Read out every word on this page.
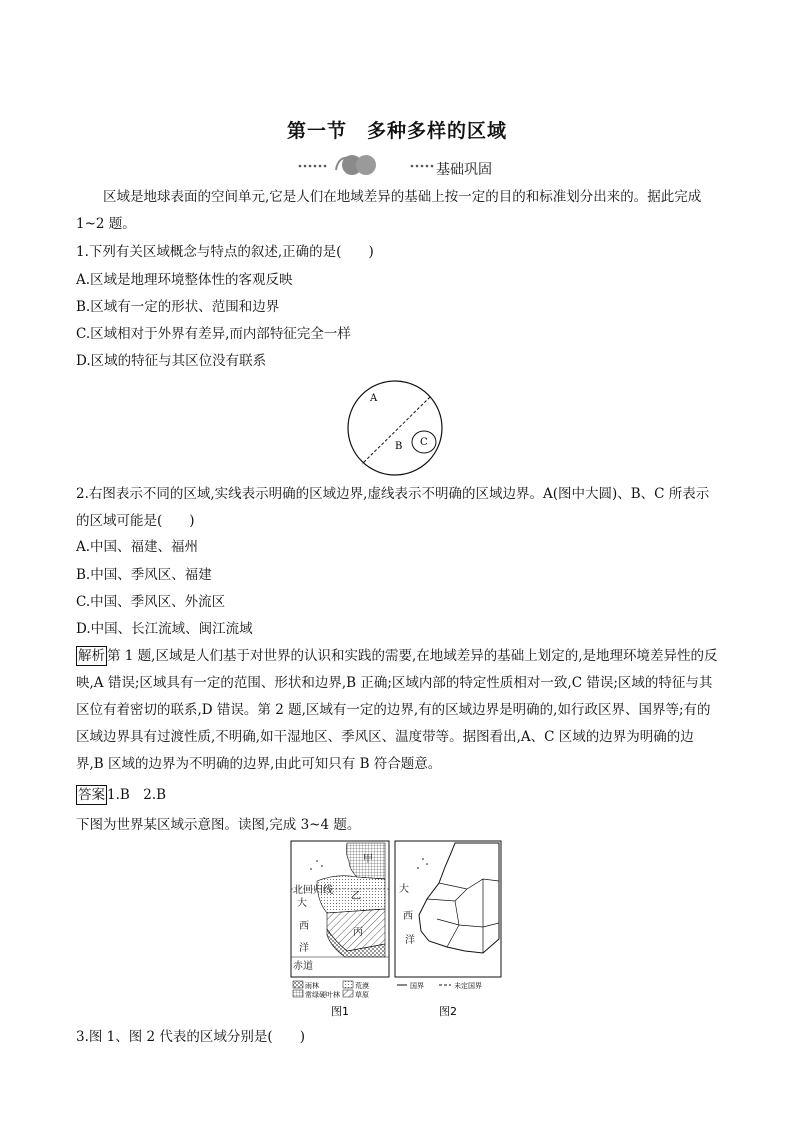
第一节　多种多样的区域
基础巩固
区域是地球表面的空间单元,它是人们在地域差异的基础上按一定的目的和标准划分出来的。据此完成 1~2 题。
1.下列有关区域概念与特点的叙述,正确的是(　　)
A.区域是地理环境整体性的客观反映
B.区域有一定的形状、范围和边界
C.区域相对于外界有差异,而内部特征完全一样
D.区域的特征与其区位没有联系
A
B C
2.右图表示不同的区域,实线表示明确的区域边界,虚线表示不明确的区域边界。A(图中大圆)、B、C 所表示的区域可能是(　　)
A.中国、福建、福州
B.中国、季风区、福建
C.中国、季风区、外流区
D.中国、长江流域、闽江流域
解析 第 1 题,区域是人们基于对世界的认识和实践的需要,在地域差异的基础上划定的,是地理环境差异性的反映,A 错误;区域具有一定的范围、形状和边界,B 正确;区域内部的特定性质相对一致,C 错误;区域的特征与其区位有着密切的联系,D 错误。第 2 题,区域有一定的边界,有的区域边界是明确的,如行政区界、国界等;有的区域边界具有过渡性质,不明确,如干湿地区、季风区、温度带等。据图看出,A、C 区域的边界为明确的边界,B 区域的边界为不明确的边界,由此可知只有 B 符合题意。
答案 1.B　2.B
下图为世界某区域示意图。读图,完成 3~4 题。
甲
北回归线
乙
丙
大
西
洋
赤道
大
西
洋
雨林	荒漠
常绿硬叶林 草原
国界	未定国界
图1	图2
3.图 1、图 2 代表的区域分别是(　　)
